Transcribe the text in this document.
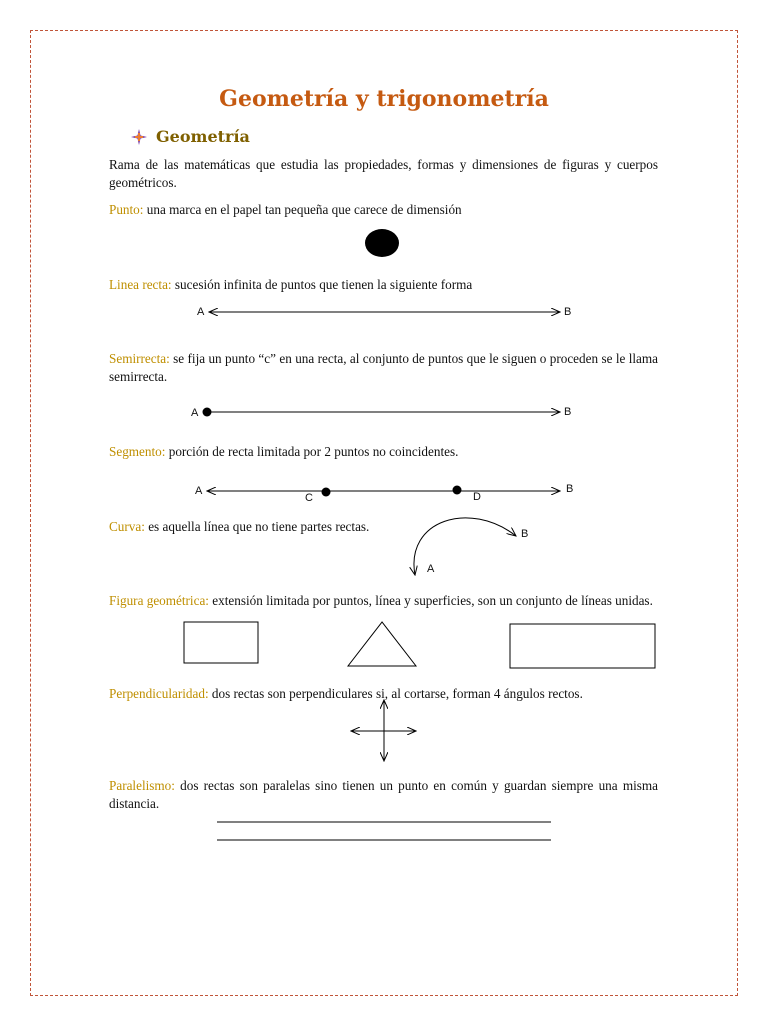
Geometría y trigonometría
Geometría
Rama de las matemáticas que estudia las propiedades, formas y dimensiones de figuras y cuerpos geométricos.
Punto: una marca en el papel tan pequeña que carece de dimensión
Linea recta: sucesión infinita de puntos que tienen la siguiente forma
Semirrecta: se fija un punto “c” en una recta, al conjunto de puntos que le siguen o proceden se le llama semirrecta.
Segmento: porción de recta limitada por 2 puntos no coincidentes.
Curva: es aquella línea que no tiene partes rectas.
Figura geométrica: extensión limitada por puntos, línea y superficies, son un conjunto de líneas unidas.
Perpendicularidad: dos rectas son perpendiculares si, al cortarse, forman 4 ángulos rectos.
Paralelismo: dos rectas son paralelas sino tienen un punto en común y guardan siempre una misma distancia.
A	B
A	B
A
C	D
B
B
A
